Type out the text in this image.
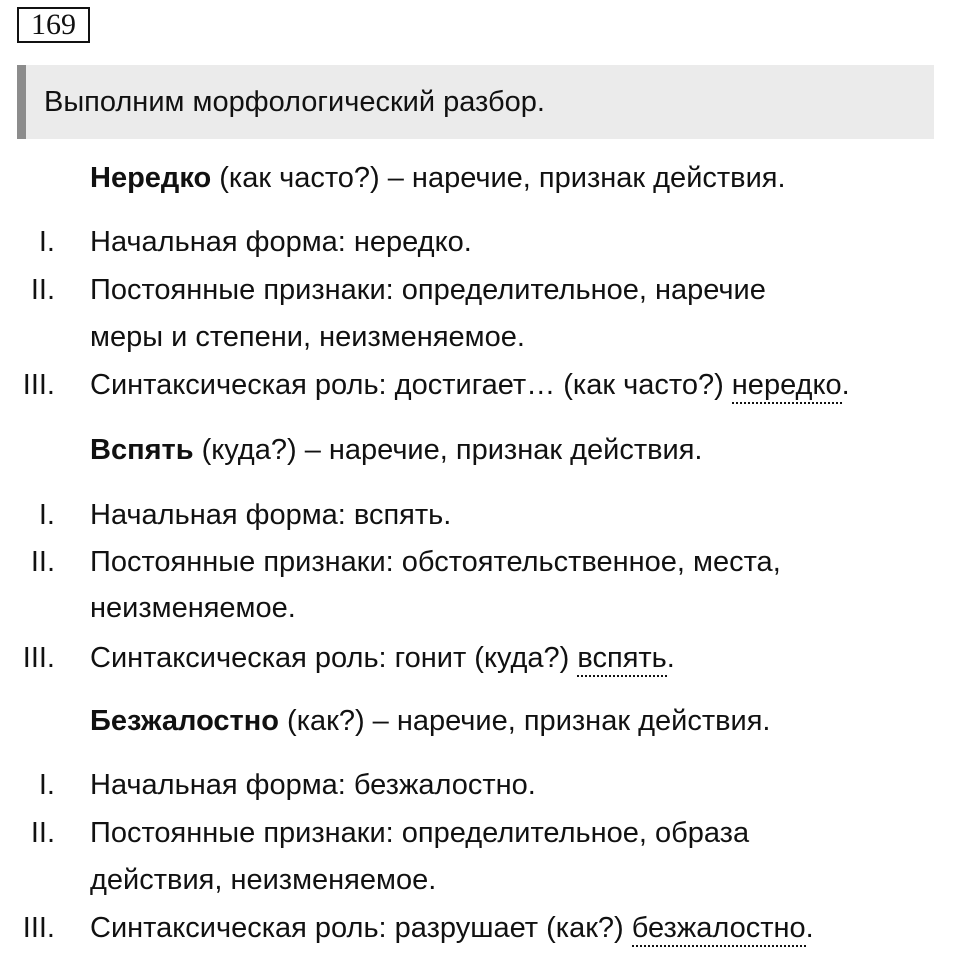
169
Выполним морфологический разбор.
Нередко (как часто?) – наречие, признак действия.
I. Начальная форма: нередко.
II. Постоянные признаки: определительное, наречие
меры и степени, неизменяемое.
III. Синтаксическая роль: достигает… (как часто?) нередко.
Вспять (куда?) – наречие, признак действия.
I. Начальная форма: вспять.
II. Постоянные признаки: обстоятельственное, места,
неизменяемое.
III. Синтаксическая роль: гонит (куда?) вспять.
Безжалостно (как?) – наречие, признак действия.
I. Начальная форма: безжалостно.
II. Постоянные признаки: определительное, образа
действия, неизменяемое.
III. Синтаксическая роль: разрушает (как?) безжалостно.
